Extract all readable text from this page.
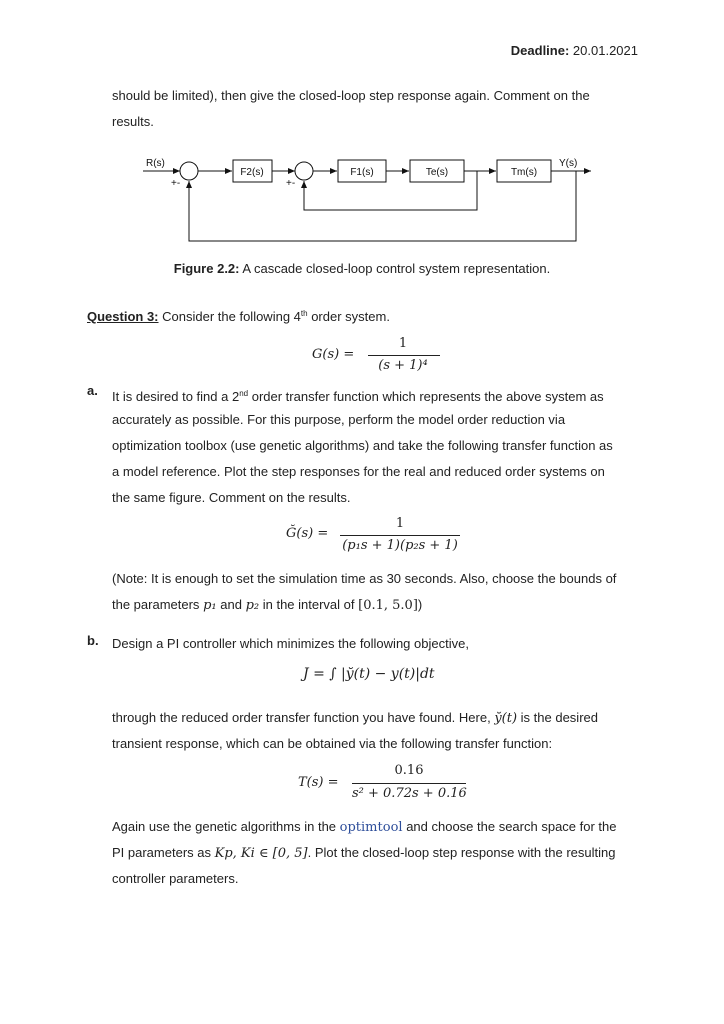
Deadline: 20.01.2021
should be limited), then give the closed-loop step response again. Comment on the
results.
R(s)	Y(s)
+-	+-
F2(s)	F1(s)	Te(s)	Tm(s)
Figure 2.2: A cascade closed-loop control system representation.
Question 3: Consider the following 4th order system.
G(s) =
1
(s + 1)⁴
a. It is desired to find a 2nd order transfer function which represents the above system as
accurately as possible. For this purpose, perform the model order reduction via
optimization toolbox (use genetic algorithms) and take the following transfer function as
a model reference. Plot the step responses for the real and reduced order systems on
the same figure. Comment on the results.
Ğ(s) =
1
(p₁s + 1)(p₂s + 1)
(Note: It is enough to set the simulation time as 30 seconds. Also, choose the bounds of
the parameters p₁ and p₂ in the interval of [0.1, 5.0])
b. Design a PI controller which minimizes the following objective,
J = ∫ |y̆(t) − y(t)|dt
through the reduced order transfer function you have found. Here, y̆(t) is the desired
transient response, which can be obtained via the following transfer function:
T(s) =
0.16
s² + 0.72s + 0.16
Again use the genetic algorithms in the optimtool and choose the search space for the
PI parameters as Kp, Ki ∈ [0, 5]. Plot the closed-loop step response with the resulting
controller parameters.
